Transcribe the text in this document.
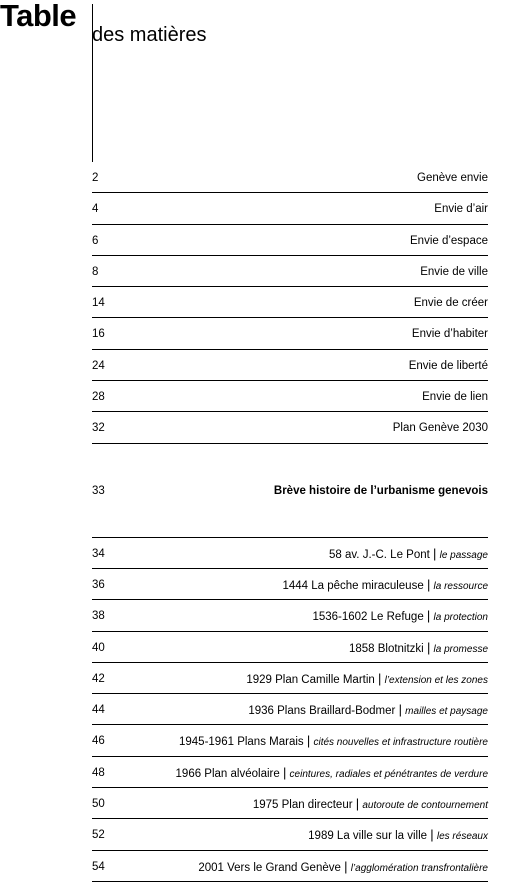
Table
des matières
2	Genève envie
4	Envie d’air
6	Envie d’espace
8	Envie de ville
14	Envie de créer
16	Envie d’habiter
24	Envie de liberté
28	Envie de lien
32	Plan Genève 2030
33	Brève histoire de l’urbanisme genevois
34	58 av. J.-C. Le Pont | le passage
36	1444 La pêche miraculeuse | la ressource
38	1536-1602 Le Refuge | la protection
40	1858 Blotnitzki | la promesse
42	1929 Plan Camille Martin | l’extension et les zones
44	1936 Plans Braillard-Bodmer | mailles et paysage
46	1945-1961 Plans Marais | cités nouvelles et infrastructure routière
48	1966 Plan alvéolaire | ceintures, radiales et pénétrantes de verdure
50	1975 Plan directeur | autoroute de contournement
52	1989 La ville sur la ville | les réseaux
54	2001 Vers le Grand Genève | l’agglomération transfrontalière
